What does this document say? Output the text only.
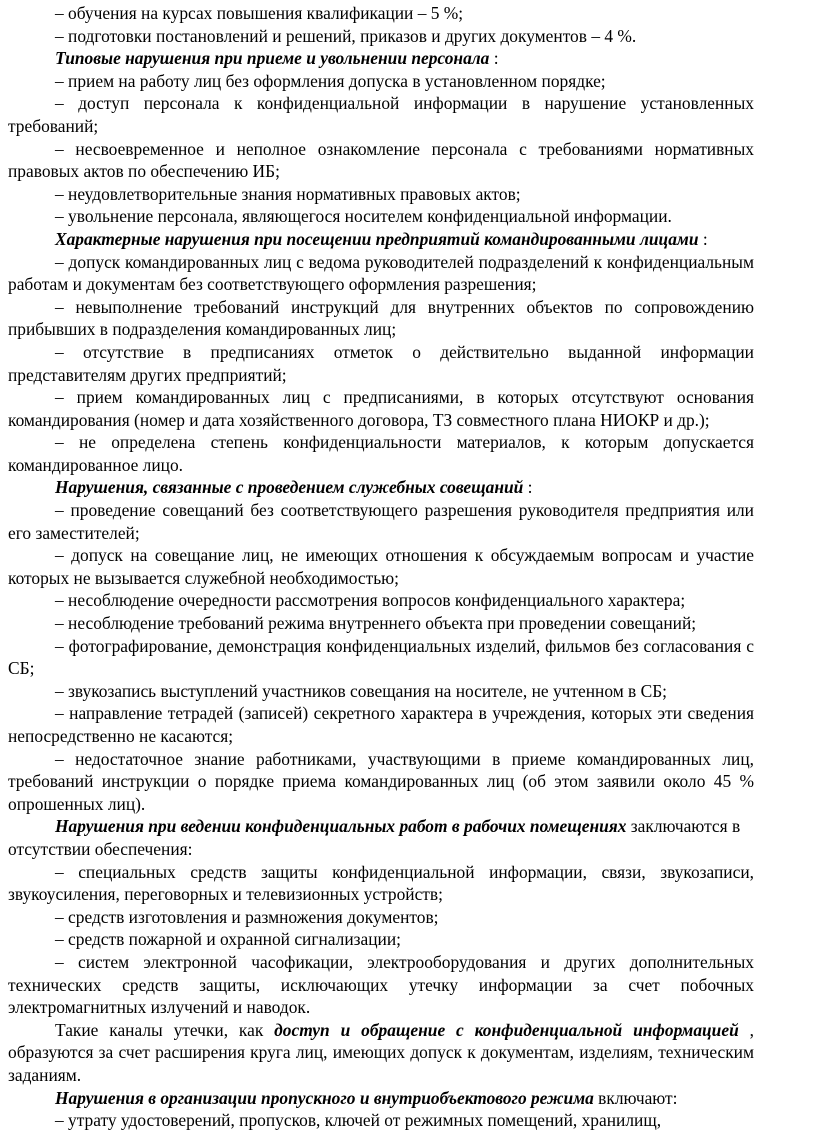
– обучения на курсах повышения квалификации – 5 %;

– подготовки постановлений и решений, приказов и других документов – 4 %.

Типовые нарушения при приеме и увольнении персонала :

– прием на работу лиц без оформления допуска в установленном порядке;

– доступ персонала к конфиденциальной информации в нарушение установленных требований;

– несвоевременное и неполное ознакомление персонала с требованиями нормативных правовых актов по обеспечению ИБ;

– неудовлетворительные знания нормативных правовых актов;

– увольнение персонала, являющегося носителем конфиденциальной информации.

Характерные нарушения при посещении предприятий командированными лицами :

– допуск командированных лиц с ведома руководителей подразделений к конфиденциальным работам и документам без соответствующего оформления разрешения;

– невыполнение требований инструкций для внутренних объектов по сопровождению прибывших в подразделения командированных лиц;

– отсутствие в предписаниях отметок о действительно выданной информации представителям других предприятий;

– прием командированных лиц с предписаниями, в которых отсутствуют основания командирования (номер и дата хозяйственного договора, ТЗ совместного плана НИОКР и др.);

– не определена степень конфиденциальности материалов, к которым допускается командированное лицо.

Нарушения, связанные с проведением служебных совещаний :

– проведение совещаний без соответствующего разрешения руководителя предприятия или его заместителей;

– допуск на совещание лиц, не имеющих отношения к обсуждаемым вопросам и участие которых не вызывается служебной необходимостью;

– несоблюдение очередности рассмотрения вопросов конфиденциального характера;

– несоблюдение требований режима внутреннего объекта при проведении совещаний;

– фотографирование, демонстрация конфиденциальных изделий, фильмов без согласования с СБ;

– звукозапись выступлений участников совещания на носителе, не учтенном в СБ;

– направление тетрадей (записей) секретного характера в учреждения, которых эти сведения непосредственно не касаются;

– недостаточное знание работниками, участвующими в приеме командированных лиц, требований инструкции о порядке приема командированных лиц (об этом заявили около 45 % опрошенных лиц).

Нарушения при ведении конфиденциальных работ в рабочих помещениях заключаются в отсутствии обеспечения:

– специальных средств защиты конфиденциальной информации, связи, звукозаписи, звукоусиления, переговорных и телевизионных устройств;

– средств изготовления и размножения документов;

– средств пожарной и охранной сигнализации;

– систем электронной часофикации, электрооборудования и других дополнительных технических средств защиты, исключающих утечку информации за счет побочных электромагнитных излучений и наводок.

Такие каналы утечки, как доступ и обращение с конфиденциальной информацией , образуются за счет расширения круга лиц, имеющих допуск к документам, изделиям, техническим заданиям.

Нарушения в организации пропускного и внутриобъектового режима включают:

– утрату удостоверений, пропусков, ключей от режимных помещений, хранилищ,
